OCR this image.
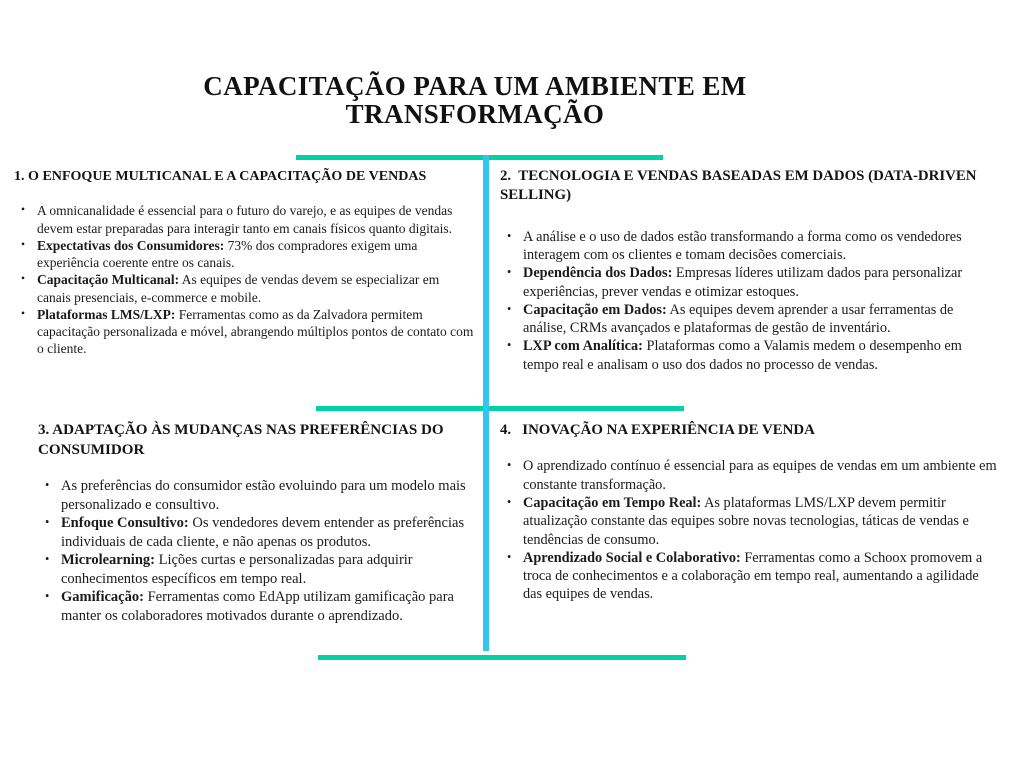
CAPACITAÇÃO PARA UM AMBIENTE EM TRANSFORMAÇÃO
1. O ENFOQUE MULTICANAL E A CAPACITAÇÃO DE VENDAS
• A omnicanalidade é essencial para o futuro do varejo, e as equipes de vendas devem estar preparadas para interagir tanto em canais físicos quanto digitais.
• Expectativas dos Consumidores: 73% dos compradores exigem uma experiência coerente entre os canais.
• Capacitação Multicanal: As equipes de vendas devem se especializar em canais presenciais, e-commerce e mobile.
• Plataformas LMS/LXP: Ferramentas como as da Zalvadora permitem capacitação personalizada e móvel, abrangendo múltiplos pontos de contato com o cliente.
2.  TECNOLOGIA E VENDAS BASEADAS EM DADOS (DATA-DRIVEN SELLING)
• A análise e o uso de dados estão transformando a forma como os vendedores interagem com os clientes e tomam decisões comerciais.
• Dependência dos Dados: Empresas líderes utilizam dados para personalizar experiências, prever vendas e otimizar estoques.
• Capacitação em Dados: As equipes devem aprender a usar ferramentas de análise, CRMs avançados e plataformas de gestão de inventário.
• LXP com Analítica: Plataformas como a Valamis medem o desempenho em tempo real e analisam o uso dos dados no processo de vendas.
3. ADAPTAÇÃO ÀS MUDANÇAS NAS PREFERÊNCIAS DO CONSUMIDOR
• As preferências do consumidor estão evoluindo para um modelo mais personalizado e consultivo.
• Enfoque Consultivo: Os vendedores devem entender as preferências individuais de cada cliente, e não apenas os produtos.
• Microlearning: Lições curtas e personalizadas para adquirir conhecimentos específicos em tempo real.
• Gamificação: Ferramentas como EdApp utilizam gamificação para manter os colaboradores motivados durante o aprendizado.
4.   INOVAÇÃO NA EXPERIÊNCIA DE VENDA
• O aprendizado contínuo é essencial para as equipes de vendas em um ambiente em constante transformação.
• Capacitação em Tempo Real: As plataformas LMS/LXP devem permitir atualização constante das equipes sobre novas tecnologias, táticas de vendas e tendências de consumo.
• Aprendizado Social e Colaborativo: Ferramentas como a Schoox promovem a troca de conhecimentos e a colaboração em tempo real, aumentando a agilidade das equipes de vendas.
